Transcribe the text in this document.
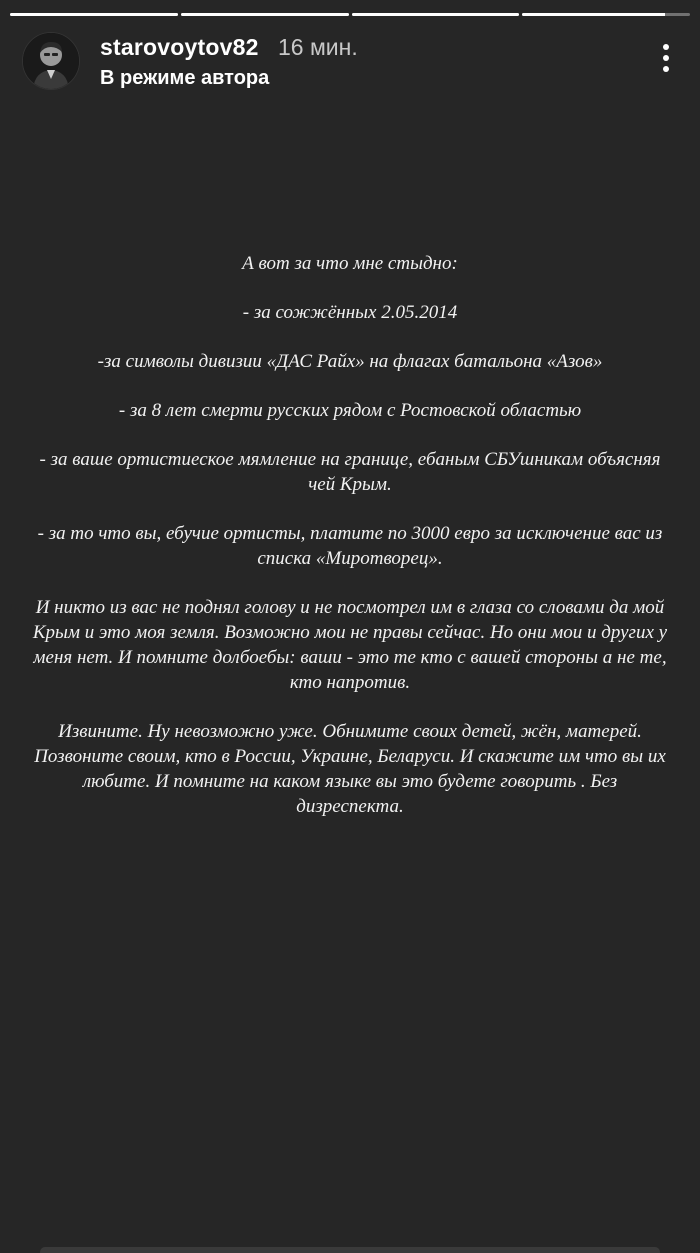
starovoytov82 16 мин.
В режиме автора

А вот за что мне стыдно:

- за сожжённых 2.05.2014

-за символы дивизии «ДАС Райх» на флагах батальона «Азов»

- за 8 лет смерти русских рядом с Ростовской областью

- за ваше ортистиеское мямление на границе, ебаным СБУшникам объясняя чей Крым.

- за то что вы, ебучие ортисты, платите по 3000 евро за исключение вас из списка «Миротворец».

И никто из вас не поднял голову и не посмотрел им в глаза со словами да мой Крым и это моя земля. Возможно мои не правы сейчас. Но они мои и других у меня нет. И помните долбоебы: ваши - это те кто с вашей стороны а не те, кто напротив.

Извините. Ну невозможно уже. Обнимите своих детей, жён, матерей. Позвоните своим, кто в России, Украине, Беларуси. И скажите им что вы их любите. И помните на каком языке вы это будете говорить . Без дизреспекта.
